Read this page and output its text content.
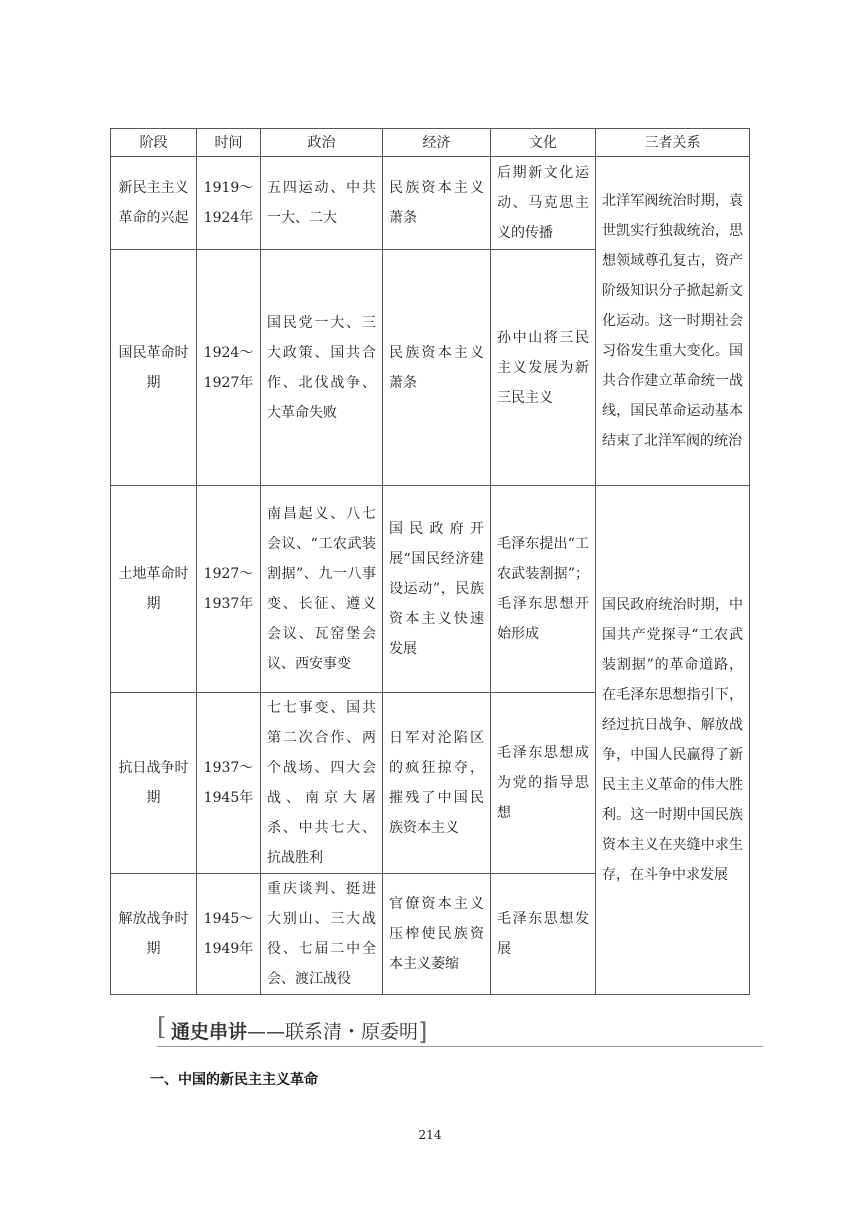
阶段	时间	政治	经济	文化	三者关系
新民主主义革命的兴起	1919～1924年	五四运动、中共一大、二大	民族资本主义萧条	后期新文化运动、马克思主义的传播	北洋军阀统治时期，袁世凯实行独裁统治，思想领域尊孔复古，资产阶级知识分子掀起新文化运动。这一时期社会习俗发生重大变化。国共合作建立革命统一战线，国民革命运动基本结束了北洋军阀的统治
国民革命时期	1924～1927年	国民党一大、三大政策、国共合作、北伐战争、大革命失败	民族资本主义萧条	孙中山将三民主义发展为新三民主义	
土地革命时期	1927～1937年	南昌起义、八七会议、“工农武装割据”、九一八事变、长征、遵义会议、瓦窑堡会议、西安事变	国民政府开展“国民经济建设运动”，民族资本主义快速发展	毛泽东提出“工农武装割据”；毛泽东思想开始形成	国民政府统治时期，中国共产党探寻“工农武装割据”的革命道路，在毛泽东思想指引下，经过抗日战争、解放战争，中国人民赢得了新民主主义革命的伟大胜利。这一时期中国民族资本主义在夹缝中求生存，在斗争中求发展
抗日战争时期	1937～1945年	七七事变、国共第二次合作、两个战场、四大会战、南京大屠杀、中共七大、抗战胜利	日军对沦陷区的疯狂掠夺，摧残了中国民族资本主义	毛泽东思想成为党的指导思想	
解放战争时期	1945～1949年	重庆谈判、挺进大别山、三大战役、七届二中全会、渡江战役	官僚资本主义压榨使民族资本主义萎缩	毛泽东思想发展	
[ 通史串讲——联系清・原委明]
一、中国的新民主主义革命
214
